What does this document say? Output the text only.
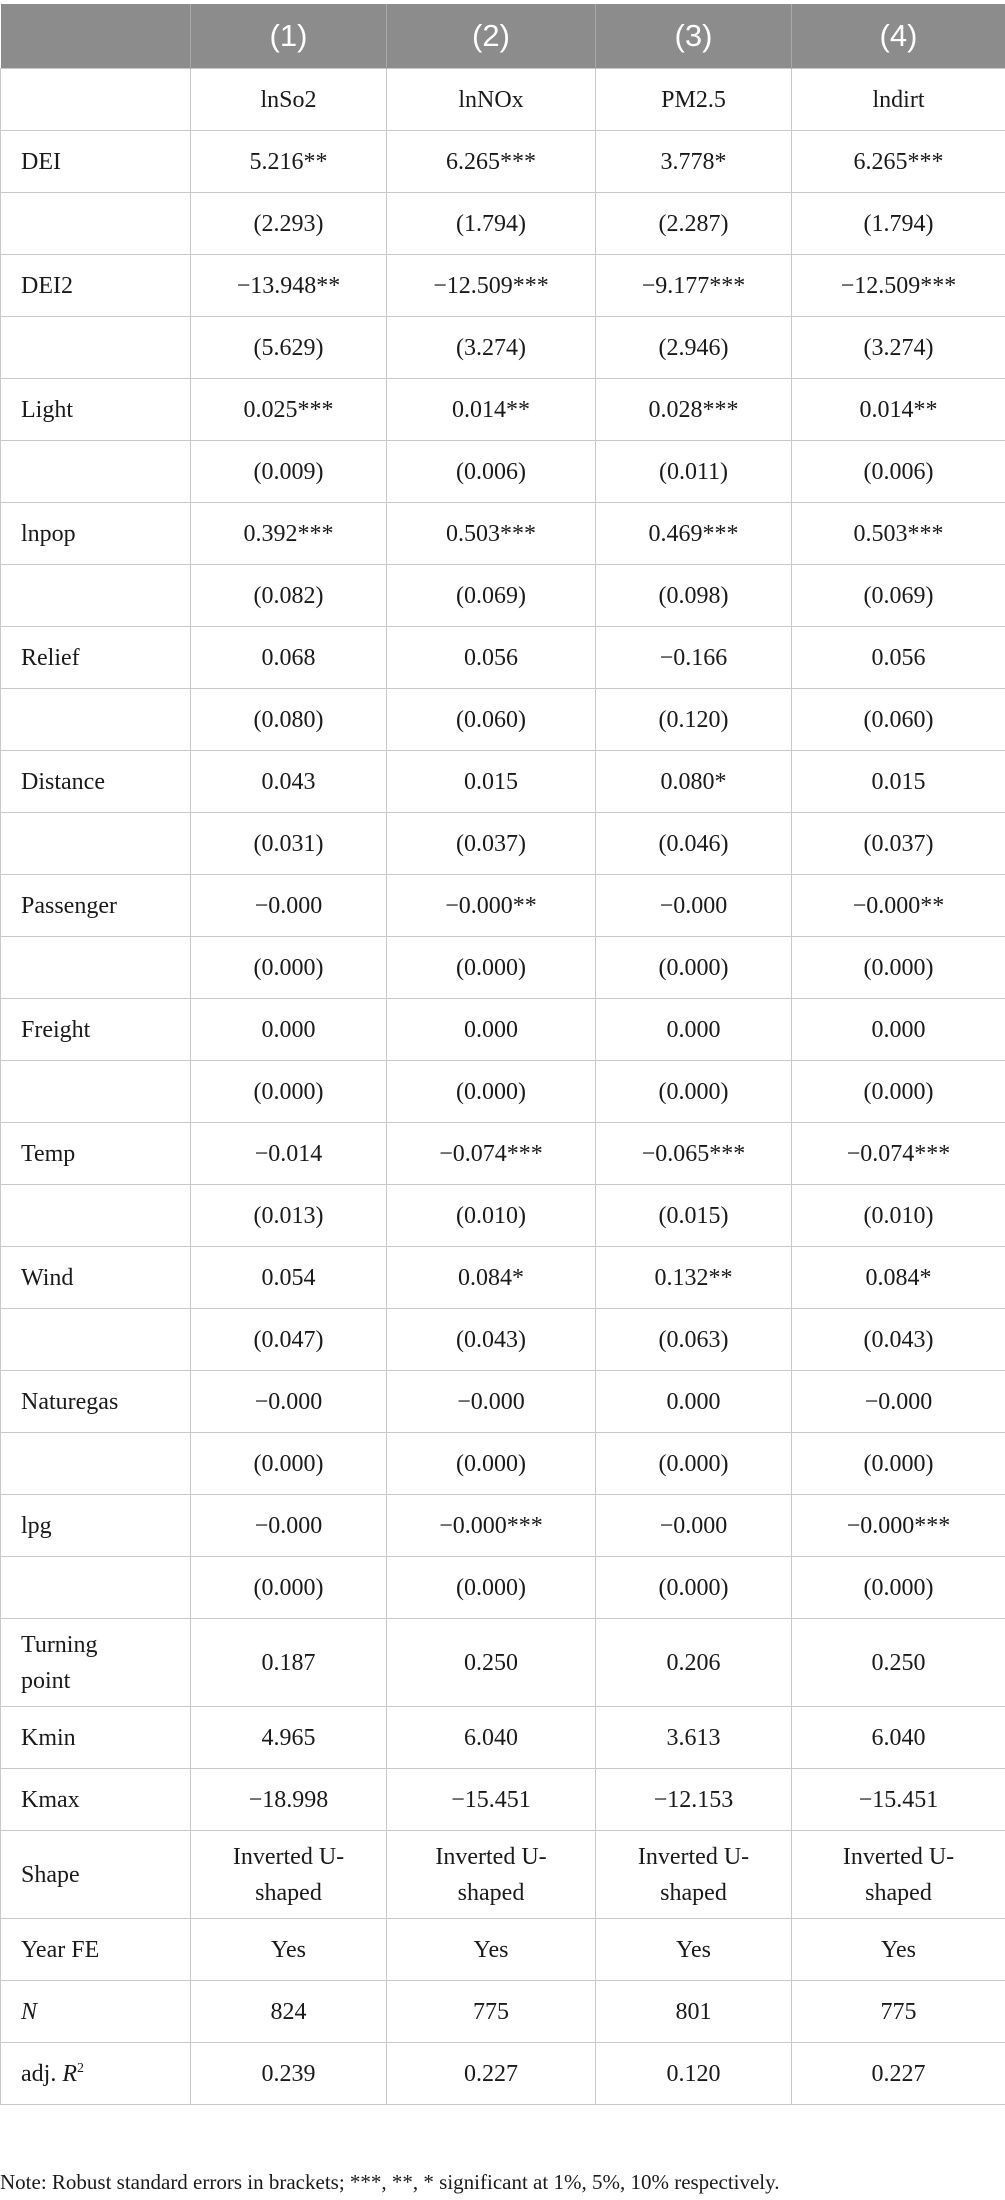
	(1)	(2)	(3)	(4)
	lnSo2	lnNOx	PM2.5	lndirt
DEI	5.216**	6.265***	3.778*	6.265***
	(2.293)	(1.794)	(2.287)	(1.794)
DEI2	−13.948**	−12.509***	−9.177***	−12.509***
	(5.629)	(3.274)	(2.946)	(3.274)
Light	0.025***	0.014**	0.028***	0.014**
	(0.009)	(0.006)	(0.011)	(0.006)
lnpop	0.392***	0.503***	0.469***	0.503***
	(0.082)	(0.069)	(0.098)	(0.069)
Relief	0.068	0.056	−0.166	0.056
	(0.080)	(0.060)	(0.120)	(0.060)
Distance	0.043	0.015	0.080*	0.015
	(0.031)	(0.037)	(0.046)	(0.037)
Passenger	−0.000	−0.000**	−0.000	−0.000**
	(0.000)	(0.000)	(0.000)	(0.000)
Freight	0.000	0.000	0.000	0.000
	(0.000)	(0.000)	(0.000)	(0.000)
Temp	−0.014	−0.074***	−0.065***	−0.074***
	(0.013)	(0.010)	(0.015)	(0.010)
Wind	0.054	0.084*	0.132**	0.084*
	(0.047)	(0.043)	(0.063)	(0.043)
Naturegas	−0.000	−0.000	0.000	−0.000
	(0.000)	(0.000)	(0.000)	(0.000)
lpg	−0.000	−0.000***	−0.000	−0.000***
	(0.000)	(0.000)	(0.000)	(0.000)
Turning point	0.187	0.250	0.206	0.250
Kmin	4.965	6.040	3.613	6.040
Kmax	−18.998	−15.451	−12.153	−15.451
Shape	Inverted U-shaped	Inverted U-shaped	Inverted U-shaped	Inverted U-shaped
Year FE	Yes	Yes	Yes	Yes
N	824	775	801	775
adj. $R^2$	0.239	0.227	0.120	0.227
Note: Robust standard errors in brackets; ***, **, * significant at 1%, 5%, 10% respectively.
